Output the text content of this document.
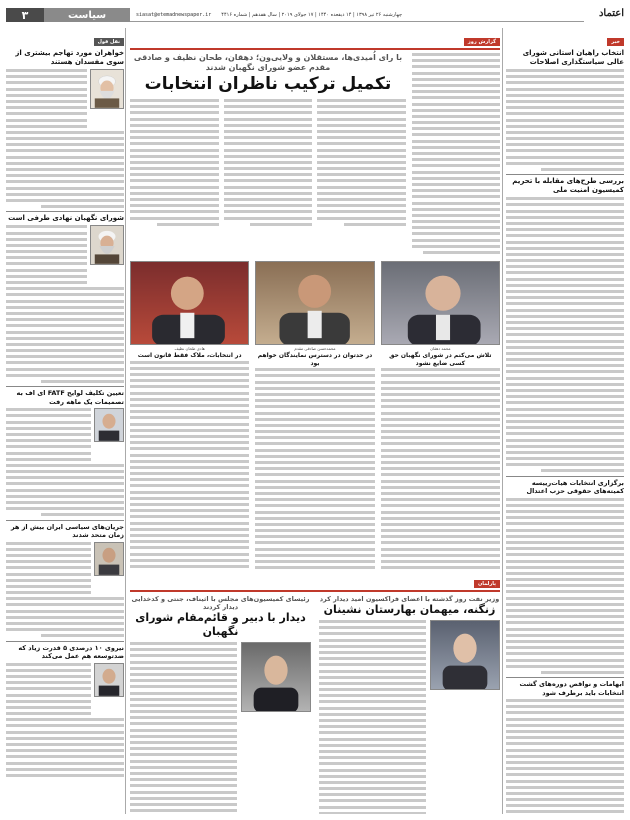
۳	سیاست	siasat@etemadnewspaper.ir چهارشنبه ۲۶ تیر ۱۳۹۸ | ۱۴ ذیقعده ۱۴۴۰ | ۱۷ جولای ۲۰۱۹ | سال هفدهم | شماره ۴۴۱۶	اعتماد
خبر
انتخاب راهیان استانی شورای عالی سیاستگذاری اصلاحات
بررسی طرح‌های مقابله با تحریم کمیسیون امنیت ملی
برگزاری انتخابات هیات‌رییسه کمیته‌های حقوقی حزب اعتدال
ابهامات و نواقص دوره‌های گشت انتخابات باید برطرف شود
گزارش روز
با رای اُمیدی‌ها، مستقلان و ولایی‌ون؛ دهقان، طحان نظیف و صادقی مقدم عضو شورای نگهبان شدند
تکمیل ترکیب ناظران انتخابات
محمد دهقان
تلاش می‌کنم در شورای نگهبان حق کسی ضایع نشود
محمدحسن صادقی مقدم
در حدتوان در دسترس نمایندگان خواهم بود
هادی طحان نظیف
در انتخابات، ملاک فقط قانون است
پارلمان
وزیر نفت روز گذشته با اعضای فراکسیون امید دیدار کرد
زنگنه، میهمان بهارستان نشینان
رئیسای کمیسیون‌های مجلس با اثیناف، جنتی و کدخدایی دیدار کردند
دیدار با دبیر و قائم‌مقام شورای نگهبان
نقل قول
خواهران مورد تهاجم بیشتری از سوی مفسدان هستند
شورای نگهبان نهادی طرفی است
تعیین تکلیف لوایح FATF ای اف به تصمیمات یک ماهه رفت
جریان‌های سیاسی ایران بیش از هر زمان متحد شدند
نیروی ۱۰ درصدی ۵ قدرت زیاد که ضدتوسعه هم عمل می‌کند
